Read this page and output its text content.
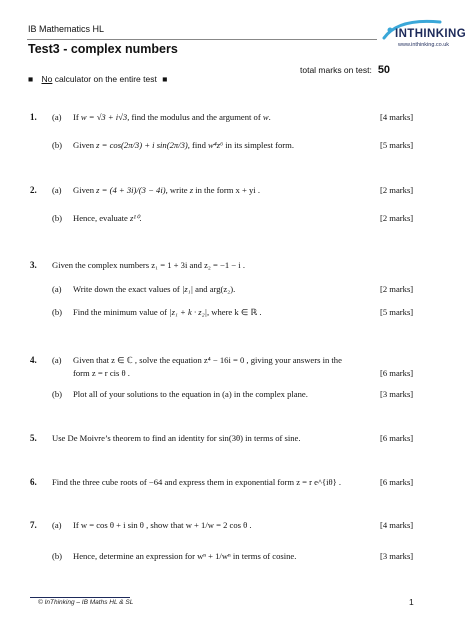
IB Mathematics HL	INTHINKING
www.inthinking.co.uk
Test3 - complex numbers
total marks on test: 50
■ No calculator on the entire test ■
1. (a) If w = √3 + i√3, find the modulus and the argument of w.	[4 marks]
(b) Given z = cos(2π/3) + i sin(2π/3), find w⁴z⁶ in its simplest form.	[5 marks]
2. (a) Given z = (4 + 3i)/(3 − 4i), write z in the form x + yi .	[2 marks]
(b) Hence, evaluate z¹⁰.	[2 marks]
3. Given the complex numbers z₁ = 1 + 3i and z₂ = −1 − i .
(a) Write down the exact values of |z₁| and arg(z₂).	[2 marks]
(b) Find the minimum value of |z₁ + k · z₂|, where k ∈ ℝ .	[5 marks]
4. (a) Given that z ∈ ℂ , solve the equation z⁴ − 16i = 0 , giving your answers in the
form z = r cis θ .	[6 marks]
(b) Plot all of your solutions to the equation in (a) in the complex plane.	[3 marks]
5. Use De Moivre’s theorem to find an identity for sin(3θ) in terms of sine.	[6 marks]
6. Find the three cube roots of −64 and express them in exponential form z = r e^{iθ} .	[6 marks]
7. (a) If w = cos θ + i sin θ , show that w + 1/w = 2 cos θ .	[4 marks]
(b) Hence, determine an expression for wⁿ + 1/wⁿ in terms of cosine.	[3 marks]
© InThinking – IB Maths HL & SL	1
